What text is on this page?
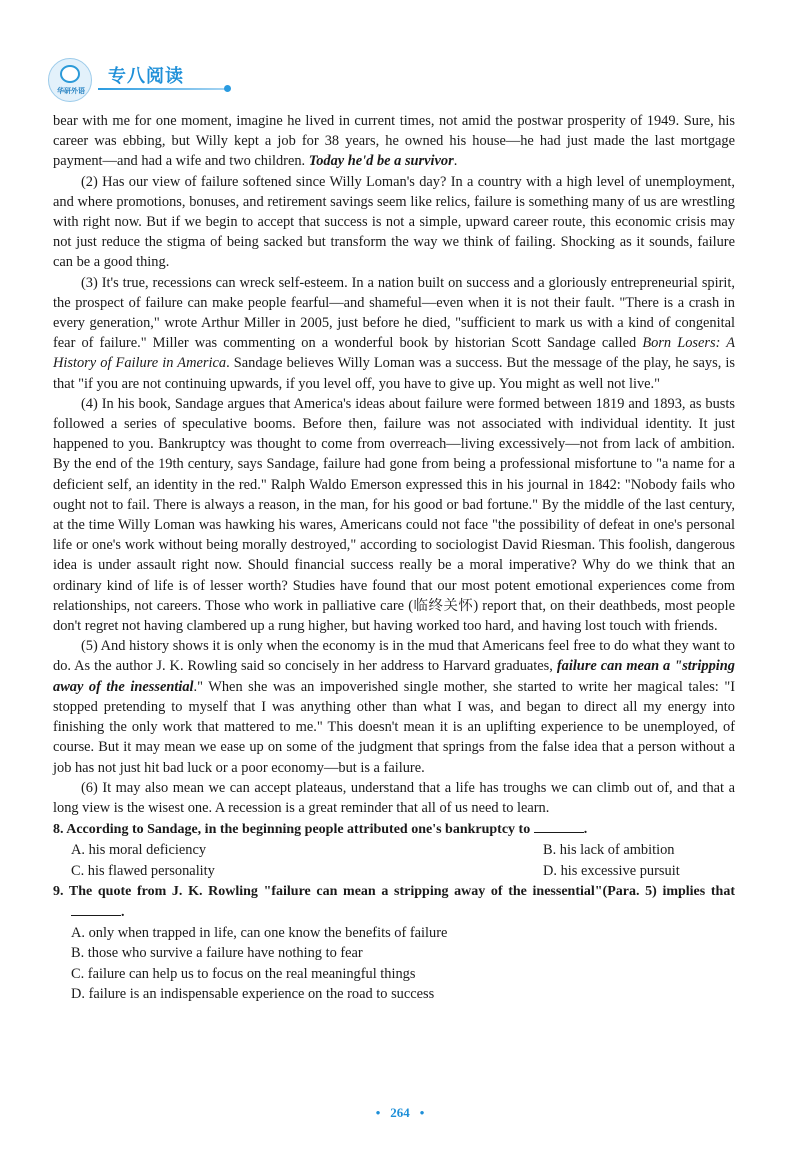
华研外语
专八阅读

bear with me for one moment, imagine he lived in current times, not amid the postwar prosperity of 1949. Sure, his career was ebbing, but Willy kept a job for 38 years, he owned his house—he had just made the last mortgage payment—and had a wife and two children. Today he'd be a survivor.

(2) Has our view of failure softened since Willy Loman's day? In a country with a high level of unemployment, and where promotions, bonuses, and retirement savings seem like relics, failure is something many of us are wrestling with right now. But if we begin to accept that success is not a simple, upward career route, this economic crisis may not just reduce the stigma of being sacked but transform the way we think of failing. Shocking as it sounds, failure can be a good thing.

(3) It's true, recessions can wreck self-esteem. In a nation built on success and a gloriously entrepreneurial spirit, the prospect of failure can make people fearful—and shameful—even when it is not their fault. "There is a crash in every generation," wrote Arthur Miller in 2005, just before he died, "sufficient to mark us with a kind of congenital fear of failure." Miller was commenting on a wonderful book by historian Scott Sandage called Born Losers: A History of Failure in America. Sandage believes Willy Loman was a success. But the message of the play, he says, is that "if you are not continuing upwards, if you level off, you have to give up. You might as well not live."

(4) In his book, Sandage argues that America's ideas about failure were formed between 1819 and 1893, as busts followed a series of speculative booms. Before then, failure was not associated with individual identity. It just happened to you. Bankruptcy was thought to come from overreach—living excessively—not from lack of ambition. By the end of the 19th century, says Sandage, failure had gone from being a professional misfortune to "a name for a deficient self, an identity in the red." Ralph Waldo Emerson expressed this in his journal in 1842: "Nobody fails who ought not to fail. There is always a reason, in the man, for his good or bad fortune." By the middle of the last century, at the time Willy Loman was hawking his wares, Americans could not face "the possibility of defeat in one's personal life or one's work without being morally destroyed," according to sociologist David Riesman. This foolish, dangerous idea is under assault right now. Should financial success really be a moral imperative? Why do we think that an ordinary kind of life is of lesser worth? Studies have found that our most potent emotional experiences come from relationships, not careers. Those who work in palliative care (临终关怀) report that, on their deathbeds, most people don't regret not having clambered up a rung higher, but having worked too hard, and having lost touch with friends.

(5) And history shows it is only when the economy is in the mud that Americans feel free to do what they want to do. As the author J. K. Rowling said so concisely in her address to Harvard graduates, failure can mean a "stripping away of the inessential." When she was an impoverished single mother, she started to write her magical tales: "I stopped pretending to myself that I was anything other than what I was, and began to direct all my energy into finishing the only work that mattered to me." This doesn't mean it is an uplifting experience to be unemployed, of course. But it may mean we ease up on some of the judgment that springs from the false idea that a person without a job has not just hit bad luck or a poor economy—but is a failure.

(6) It may also mean we can accept plateaus, understand that a life has troughs we can climb out of, and that a long view is the wisest one. A recession is a great reminder that all of us need to learn.

8. According to Sandage, in the beginning people attributed one's bankruptcy to	.
A. his moral deficiency	B. his lack of ambition
C. his flawed personality	D. his excessive pursuit
9. The quote from J. K. Rowling "failure can mean a stripping away of the inessential"(Para. 5) implies that .
A. only when trapped in life, can one know the benefits of failure
B. those who survive a failure have nothing to fear
C. failure can help us to focus on the real meaningful things
D. failure is an indispensable experience on the road to success
• 264 •
